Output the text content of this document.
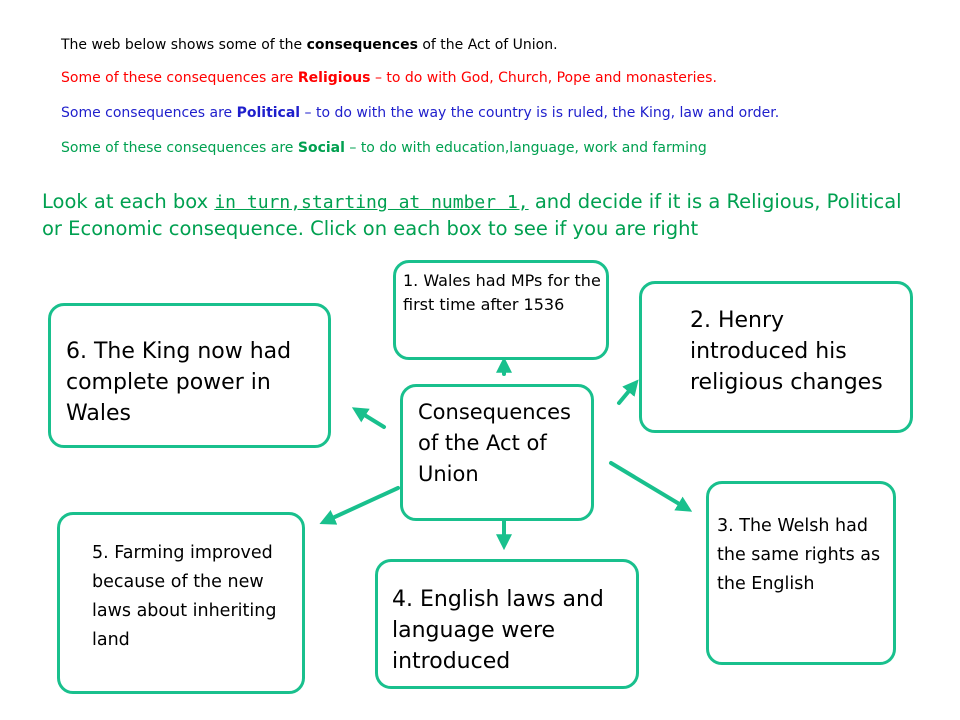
The web below shows some of the consequences of the Act of Union.

Some of these consequences are Religious – to do with God, Church, Pope and monasteries.

Some consequences are Political – to do with the way the country is is ruled, the King, law and order.

Some of these consequences are Social – to do with education,language, work and farming

Look at each box in turn,starting at number 1, and decide if it is a Religious, Political or Economic consequence. Click on each box to see if you are right

Consequences of the Act of Union
1. Wales had MPs for the first time after 1536
2. Henry introduced his religious changes
3. The Welsh had the same rights as the English
4. English laws and language were introduced
5. Farming improved because of the new laws about inheriting land
6. The King now had complete power in Wales
